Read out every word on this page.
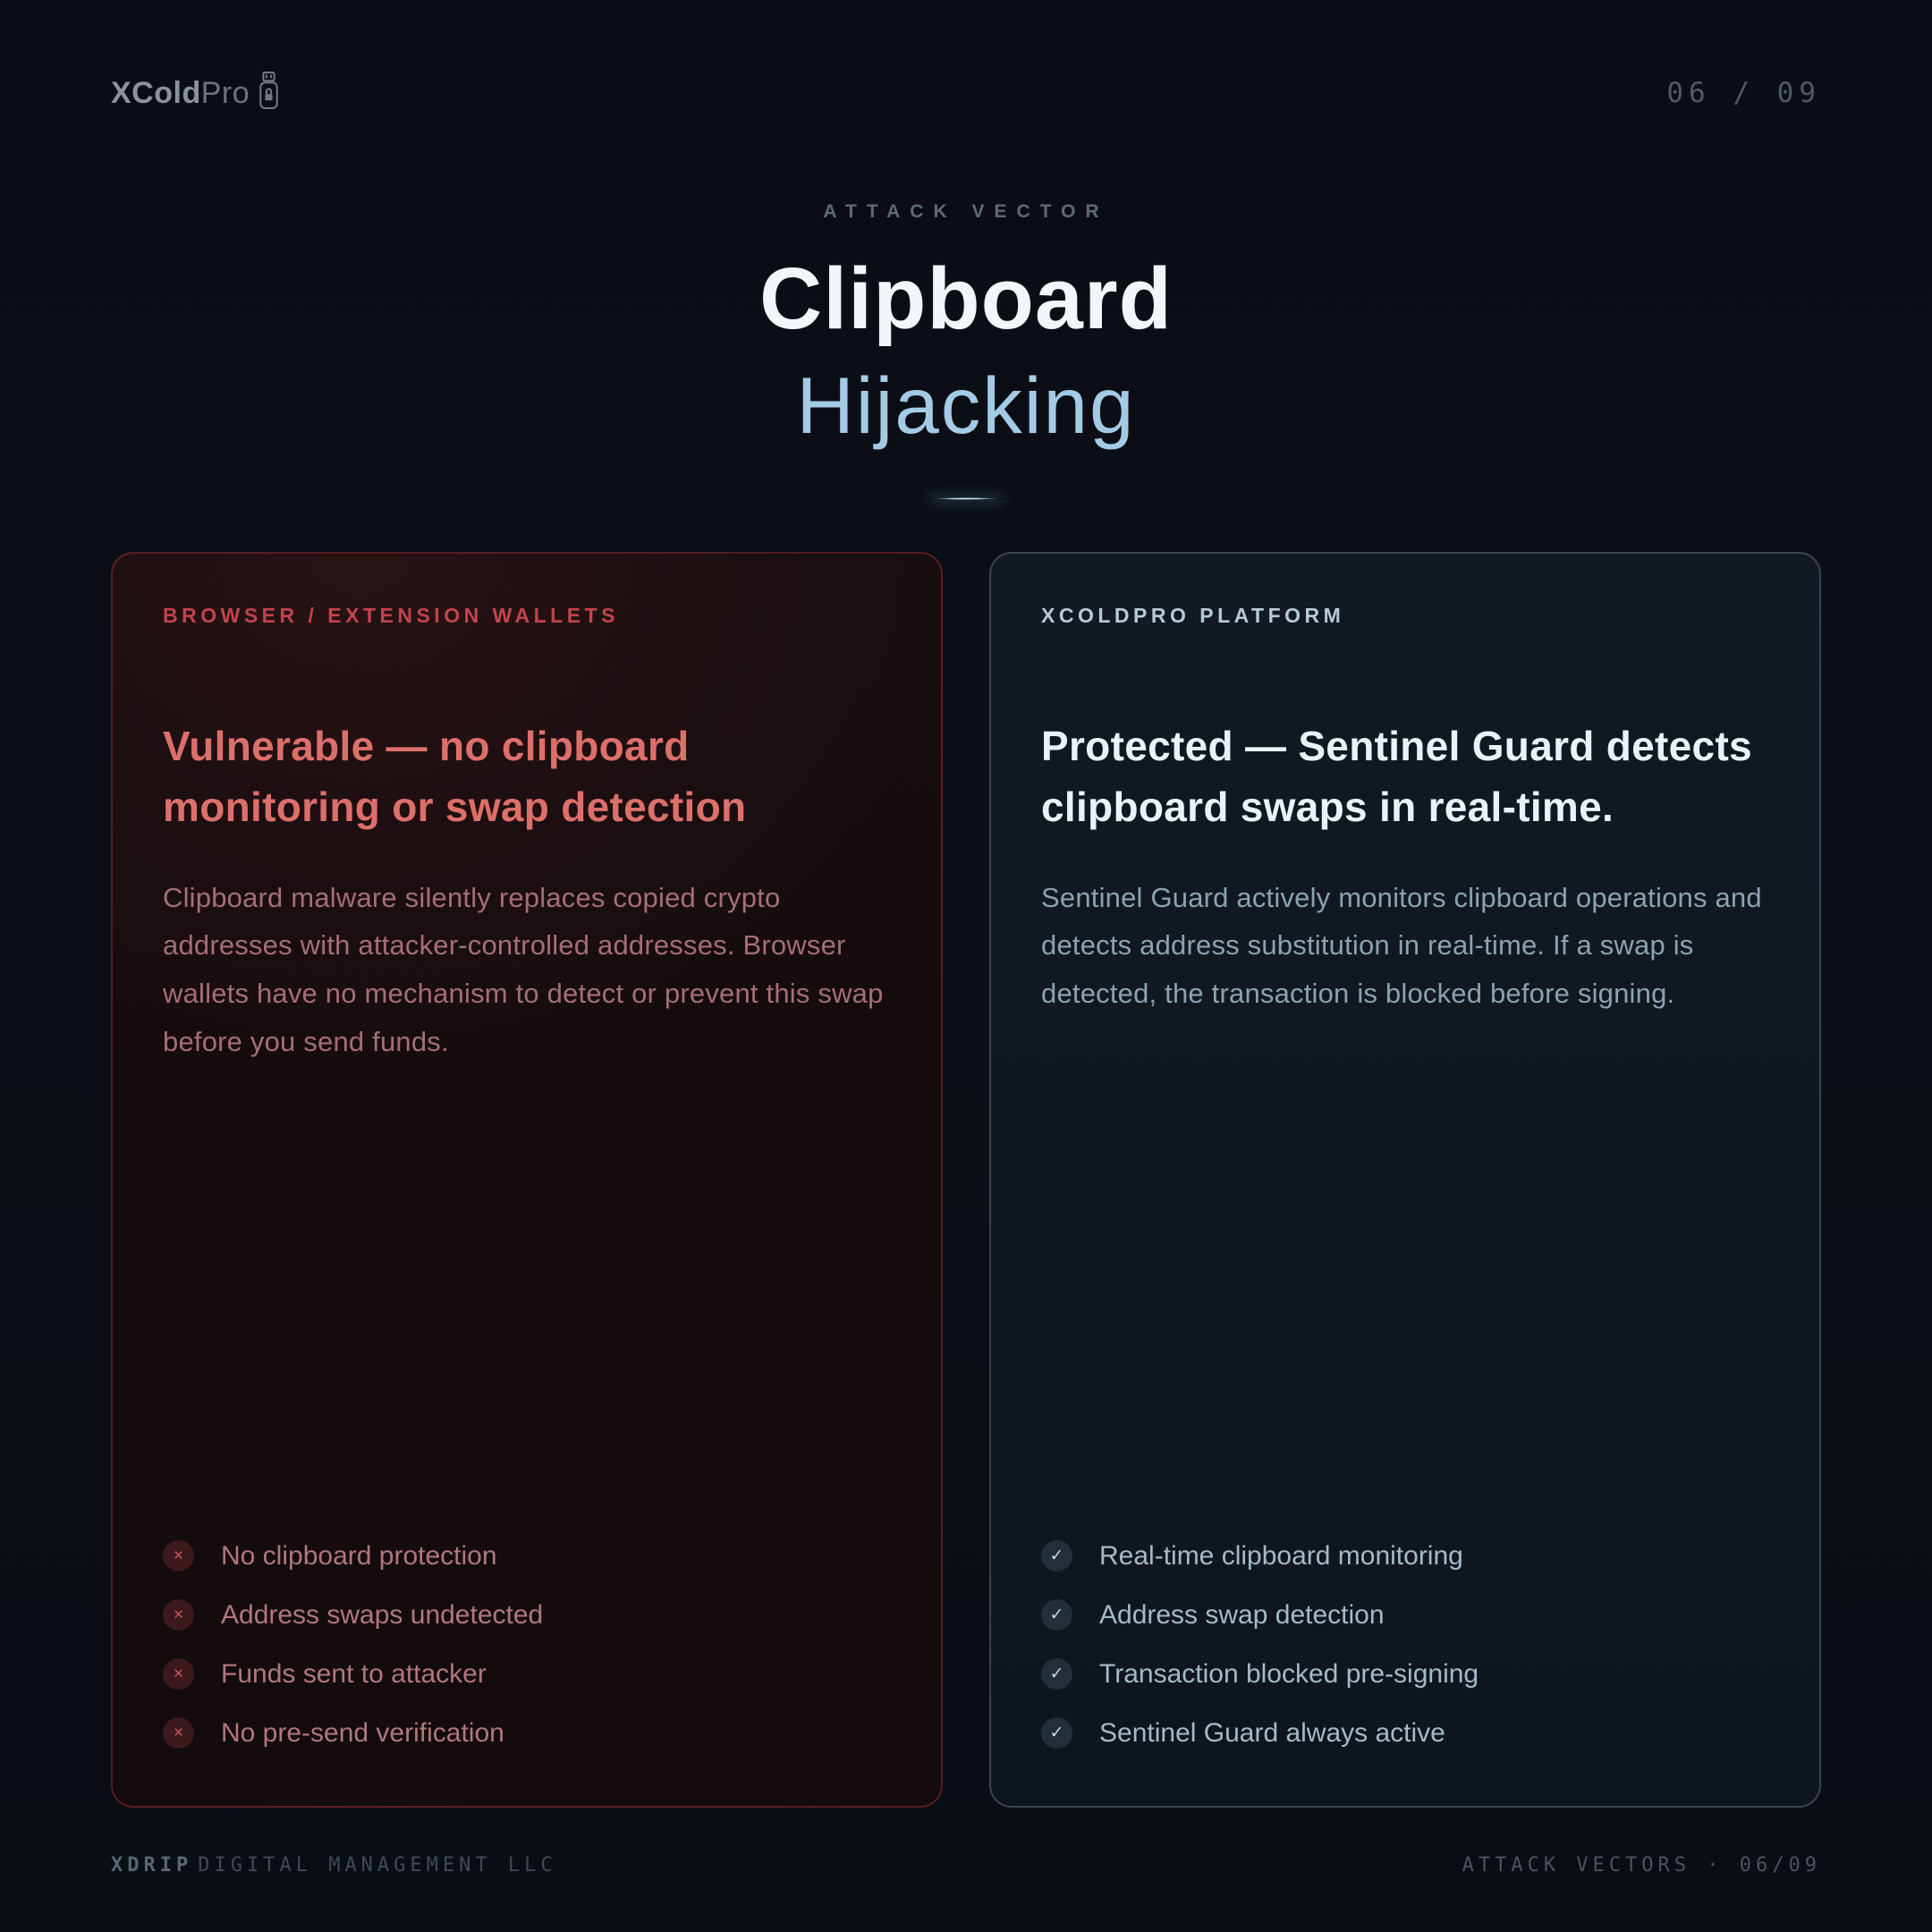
XCold Pro	06 / 09
ATTACK VECTOR
Clipboard
Hijacking
BROWSER / EXTENSION WALLETS
Vulnerable — no clipboard monitoring or swap detection
Clipboard malware silently replaces copied crypto addresses with attacker-controlled addresses. Browser wallets have no mechanism to detect or prevent this swap before you send funds.
×	No clipboard protection
×	Address swaps undetected
×	Funds sent to attacker
×	No pre-send verification
XCOLDPRO PLATFORM
Protected — Sentinel Guard detects clipboard swaps in real-time.
Sentinel Guard actively monitors clipboard operations and detects address substitution in real-time. If a swap is detected, the transaction is blocked before signing.
✓	Real-time clipboard monitoring
✓	Address swap detection
✓	Transaction blocked pre-signing
✓	Sentinel Guard always active
XDRIP DIGITAL MANAGEMENT LLC	ATTACK VECTORS · 06/09
